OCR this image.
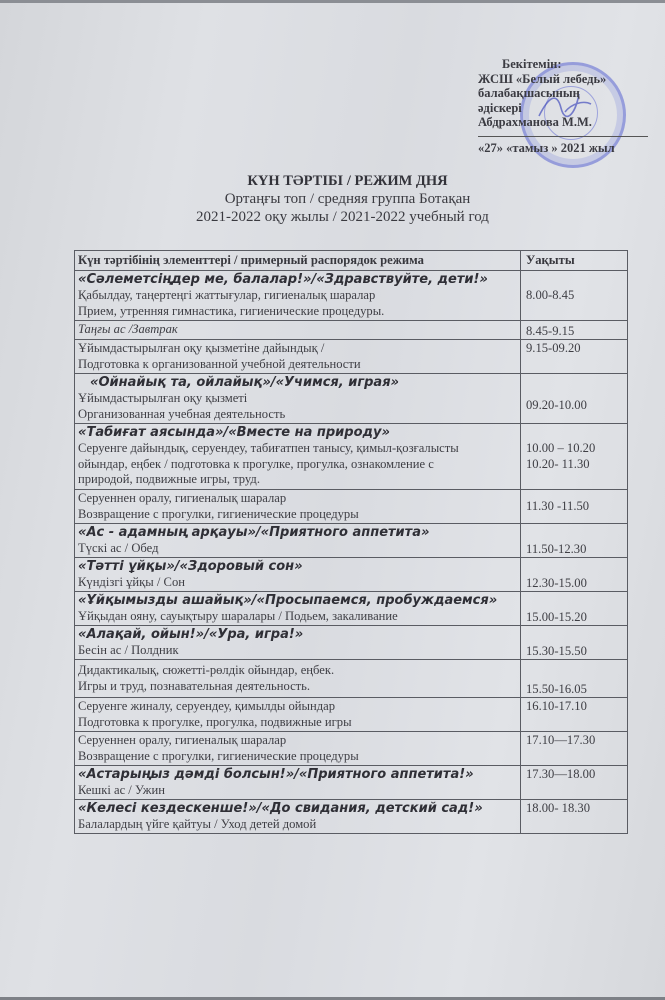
Бекітемін:
ЖСШ «Белый лебедь»
балабақшасының
әдіскері
Абдрахманова М.М.
«27» «тамыз » 2021 жыл
КҮН ТӘРТІБІ / РЕЖИМ ДНЯ
Ортаңғы топ / средняя группа Ботақан
2021-2022 оқу жылы / 2021-2022 учебный год
Күн тәртібінің элементтері / примерный распорядок режима	Уақыты

«Сәлеметсіңдер ме, балалар!»/«Здравствуйте, дети!»
Қабылдау, таңертеңгі жаттығулар, гигиеналық шаралар
Прием, утренняя гимнастика, гигиенические процедуры.	8.00-8.45

Таңғы ас /Завтрак	8.45-9.15

Ұйымдастырылған оқу қызметіне дайындық /
Подготовка к организованной учебной деятельности	9.15-09.20

«Ойнайық та, ойлайық»/«Учимся, играя»
Ұйымдастырылған оқу қызметі
Организованная учебная деятельность	09.20-10.00

«Табиғат аясында»/«Вместе на природу»
Серуенге дайындық, серуендеу, табиғатпен танысу, қимыл-қозғалысты
ойындар, еңбек / подготовка к прогулке, прогулка, ознакомление с
природой, подвижные игры, труд.	10.00 – 10.20
10.20- 11.30

Серуеннен оралу, гигиеналық шаралар
Возвращение с прогулки, гигиенические процедуры	11.30 -11.50

«Ас - адамның арқауы»/«Приятного аппетита»
Түскі ас / Обед	11.50-12.30

«Тәтті ұйқы»/«Здоровый сон»
Күндізгі ұйқы / Сон	12.30-15.00

«Ұйқымызды ашайық»/«Просыпаемся, пробуждаемся»
Ұйқыдан ояну, сауықтыру шаралары / Подьем, закаливание	15.00-15.20

«Алақай, ойын!»/«Ура, игра!»
Бесін ас / Полдник	15.30-15.50

Дидактикалық, сюжетті-рөлдік ойындар, еңбек.
Игры и труд, познавательная деятельность.	15.50-16.05

Серуенге жиналу, серуендеу, қимылды ойындар
Подготовка к прогулке, прогулка, подвижные игры	16.10-17.10

Серуеннен оралу, гигиеналық шаралар
Возвращение с прогулки, гигиенические процедуры	17.10—17.30

«Астарыңыз дәмді болсын!»/«Приятного аппетита!»
Кешкі ас / Ужин	17.30—18.00

«Келесі кездескенше!»/«До свидания, детский сад!»
Балалардың үйге қайтуы / Уход детей домой	18.00- 18.30
